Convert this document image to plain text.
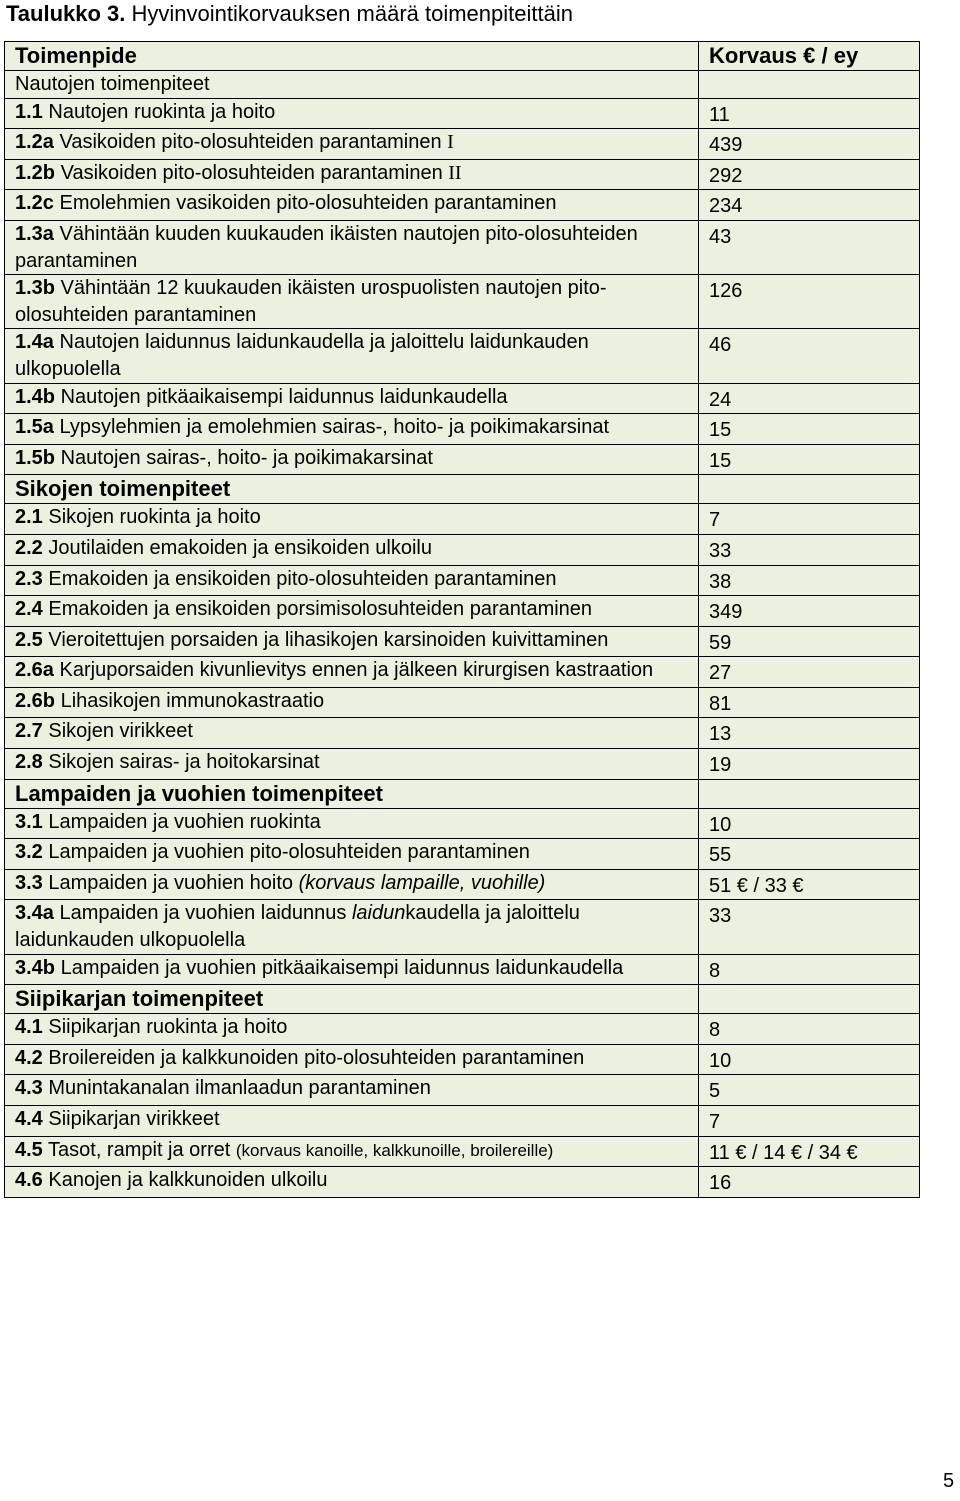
Taulukko 3. Hyvinvointikorvauksen määrä toimenpiteittäin
Toimenpide	Korvaus € / ey
Nautojen toimenpiteet	

1.1 Nautojen ruokinta ja hoito	11

1.2a Vasikoiden pito-olosuhteiden parantaminen I	439

1.2b Vasikoiden pito-olosuhteiden parantaminen II	292

1.2c Emolehmien vasikoiden pito-olosuhteiden parantaminen	234

1.3a Vähintään kuuden kuukauden ikäisten nautojen pito-olosuhteiden parantaminen	43

1.3b Vähintään 12 kuukauden ikäisten urospuolisten nautojen pito-olosuhteiden parantaminen	126

1.4a Nautojen laidunnus laidunkaudella ja jaloittelu laidunkauden ulkopuolella	46

1.4b Nautojen pitkäaikaisempi laidunnus laidunkaudella	24

1.5a Lypsylehmien ja emolehmien sairas-, hoito- ja poikimakarsinat	15

1.5b Nautojen sairas-, hoito- ja poikimakarsinat	15

Sikojen toimenpiteet	

2.1 Sikojen ruokinta ja hoito	7

2.2 Joutilaiden emakoiden ja ensikoiden ulkoilu	33

2.3 Emakoiden ja ensikoiden pito-olosuhteiden parantaminen	38

2.4 Emakoiden ja ensikoiden porsimisolosuhteiden parantaminen	349

2.5 Vieroitettujen porsaiden ja lihasikojen karsinoiden kuivittaminen	59

2.6a Karjuporsaiden kivunlievitys ennen ja jälkeen kirurgisen kastraation	27

2.6b Lihasikojen immunokastraatio	81

2.7 Sikojen virikkeet	13

2.8 Sikojen sairas- ja hoitokarsinat	19

Lampaiden ja vuohien toimenpiteet	

3.1 Lampaiden ja vuohien ruokinta	10

3.2 Lampaiden ja vuohien pito-olosuhteiden parantaminen	55

3.3 Lampaiden ja vuohien hoito (korvaus lampaille, vuohille)	51 € / 33 €

3.4a Lampaiden ja vuohien laidunnus laidunkaudella ja jaloittelu laidunkauden ulkopuolella	33

3.4b Lampaiden ja vuohien pitkäaikaisempi laidunnus laidunkaudella	8

Siipikarjan toimenpiteet	

4.1 Siipikarjan ruokinta ja hoito	8

4.2 Broilereiden ja kalkkunoiden pito-olosuhteiden parantaminen	10

4.3 Munintakanalan ilmanlaadun parantaminen	5

4.4 Siipikarjan virikkeet	7

4.5 Tasot, rampit ja orret (korvaus kanoille, kalkkunoille, broilereille)	11 € / 14 € / 34 €

4.6 Kanojen ja kalkkunoiden ulkoilu	16
5
